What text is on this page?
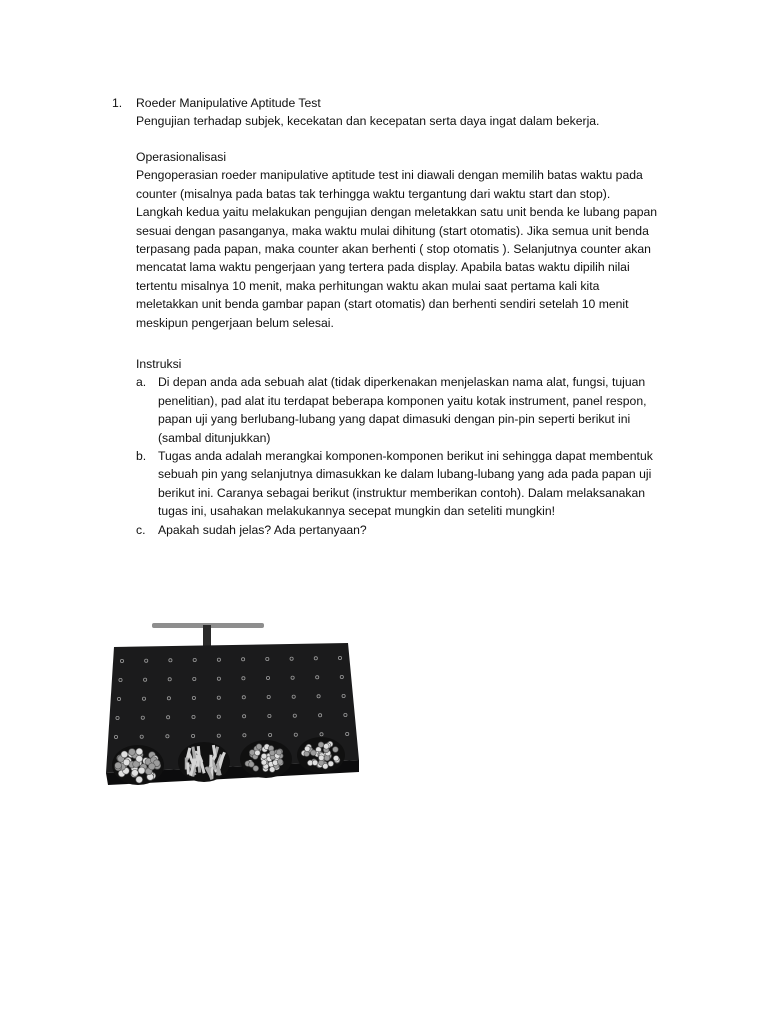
1. Roeder Manipulative Aptitude Test

Pengujian terhadap subjek, kecekatan dan kecepatan serta daya ingat dalam bekerja.

Operasionalisasi

Pengoperasian roeder manipulative aptitude test ini diawali dengan memilih batas waktu pada

counter (misalnya pada batas tak terhingga waktu tergantung dari waktu start dan stop).

Langkah kedua yaitu melakukan pengujian dengan meletakkan satu unit benda ke lubang papan

sesuai dengan pasanganya, maka waktu mulai dihitung (start otomatis). Jika semua unit benda

terpasang pada papan, maka counter akan berhenti ( stop otomatis ). Selanjutnya counter akan

mencatat lama waktu pengerjaan yang tertera pada display. Apabila batas waktu dipilih nilai

tertentu misalnya 10 menit, maka perhitungan waktu akan mulai saat pertama kali kita

meletakkan unit benda gambar papan (start otomatis) dan berhenti sendiri setelah 10 menit

meskipun pengerjaan belum selesai.

Instruksi

a. Di depan anda ada sebuah alat (tidak diperkenakan menjelaskan nama alat, fungsi, tujuan
penelitian), pad alat itu terdapat beberapa komponen yaitu kotak instrument, panel respon,
papan uji yang berlubang-lubang yang dapat dimasuki dengan pin-pin seperti berikut ini
(sambal ditunjukkan)
b. Tugas anda adalah merangkai komponen-komponen berikut ini sehingga dapat membentuk
sebuah pin yang selanjutnya dimasukkan ke dalam lubang-lubang yang ada pada papan uji
berikut ini. Caranya sebagai berikut (instruktur memberikan contoh). Dalam melaksanakan
tugas ini, usahakan melakukannya secepat mungkin dan seteliti mungkin!
c. Apakah sudah jelas? Ada pertanyaan?
